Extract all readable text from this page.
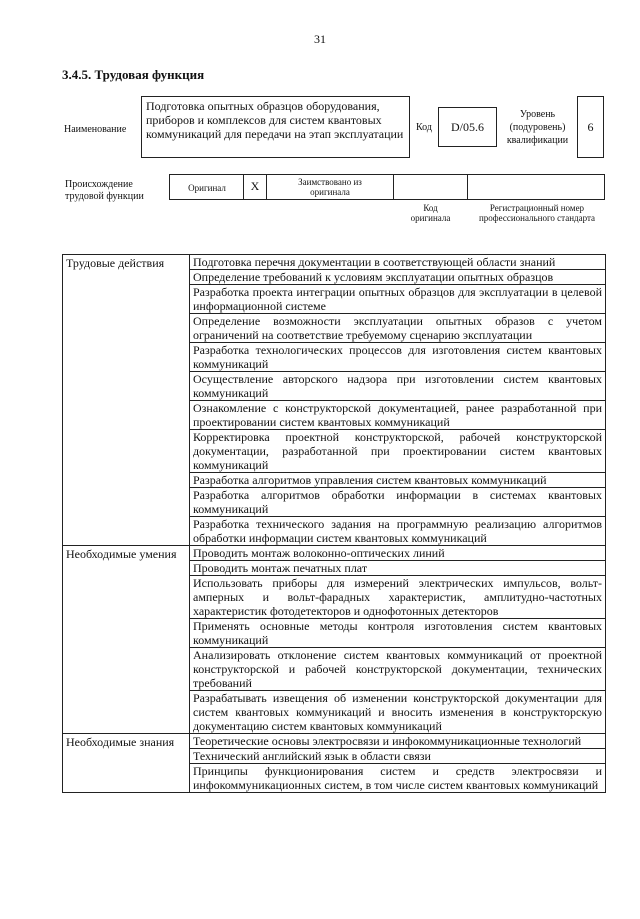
31
3.4.5. Трудовая функция
Наименование
Подготовка опытных образцов оборудования, приборов и комплексов для систем квантовых коммуникаций для передачи на этап эксплуатации	Код	D/05.6
Уровень (подуровень) квалификации
6
Происхождение трудовой функции
Оригинал	X	Заимствовано из оригинала
Код оригинала
Регистрационный номер профессионального стандарта
Трудовые действия	Подготовка перечня документации в соответствующей области знаний
	Определение требований к условиям эксплуатации опытных образцов
	Разработка проекта интеграции опытных образцов для эксплуатации в целевой информационной системе
	Определение возможности эксплуатации опытных образов с учетом ограничений на соответствие требуемому сценарию эксплуатации
	Разработка технологических процессов для изготовления систем квантовых коммуникаций
	Осуществление авторского надзора при изготовлении систем квантовых коммуникаций
	Ознакомление с конструкторской документацией, ранее разработанной при проектировании систем квантовых коммуникаций
	Корректировка проектной конструкторской, рабочей конструкторской документации, разработанной при проектировании систем квантовых коммуникаций
	Разработка алгоритмов управления систем квантовых коммуникаций
	Разработка алгоритмов обработки информации в системах квантовых коммуникаций
	Разработка технического задания на программную реализацию алгоритмов обработки информации систем квантовых коммуникаций

Необходимые умения	Проводить монтаж волоконно-оптических линий
	Проводить монтаж печатных плат
	Использовать приборы для измерений электрических импульсов, вольт-амперных и вольт-фарадных характеристик, амплитудно-частотных характеристик фотодетекторов и однофотонных детекторов
	Применять основные методы контроля изготовления систем квантовых коммуникаций
	Анализировать отклонение систем квантовых коммуникаций от проектной конструкторской и рабочей конструкторской документации, технических требований
	Разрабатывать извещения об изменении конструкторской документации для систем квантовых коммуникаций и вносить изменения в конструкторскую документацию систем квантовых коммуникаций

Необходимые знания	Теоретические основы электросвязи и инфокоммуникационные технологий
	Технический английский язык в области связи
	Принципы функционирования систем и средств электросвязи и инфокоммуникационных систем, в том числе систем квантовых коммуникаций
